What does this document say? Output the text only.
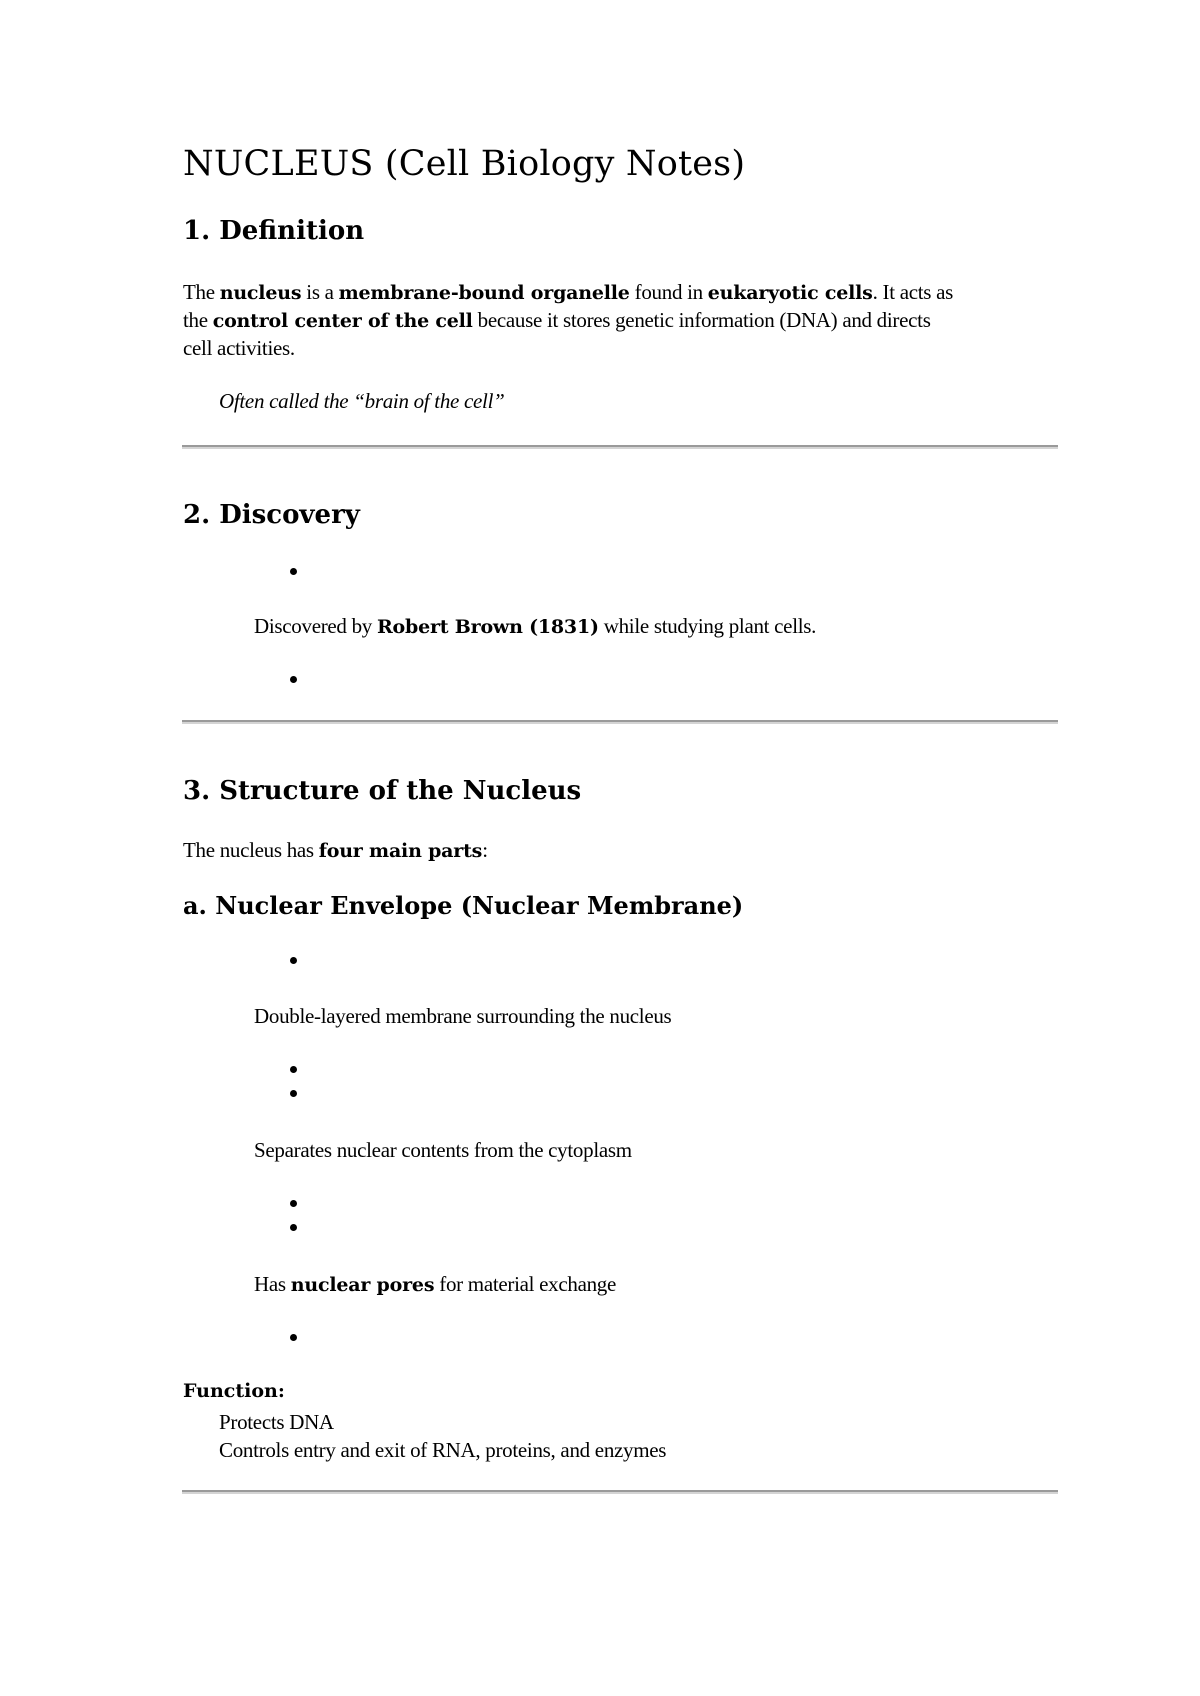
NUCLEUS (Cell Biology Notes)
1. Definition

The nucleus is a membrane-bound organelle found in eukaryotic cells. It acts as

the control center of the cell because it stores genetic information (DNA) and directs

cell activities.

Often called the “brain of the cell”

2. Discovery

Discovered by Robert Brown (1831) while studying plant cells.

3. Structure of the Nucleus

The nucleus has four main parts:

a. Nuclear Envelope (Nuclear Membrane)

Double-layered membrane surrounding the nucleus

Separates nuclear contents from the cytoplasm

Has nuclear pores for material exchange

Function:

Protects DNA

Controls entry and exit of RNA, proteins, and enzymes
